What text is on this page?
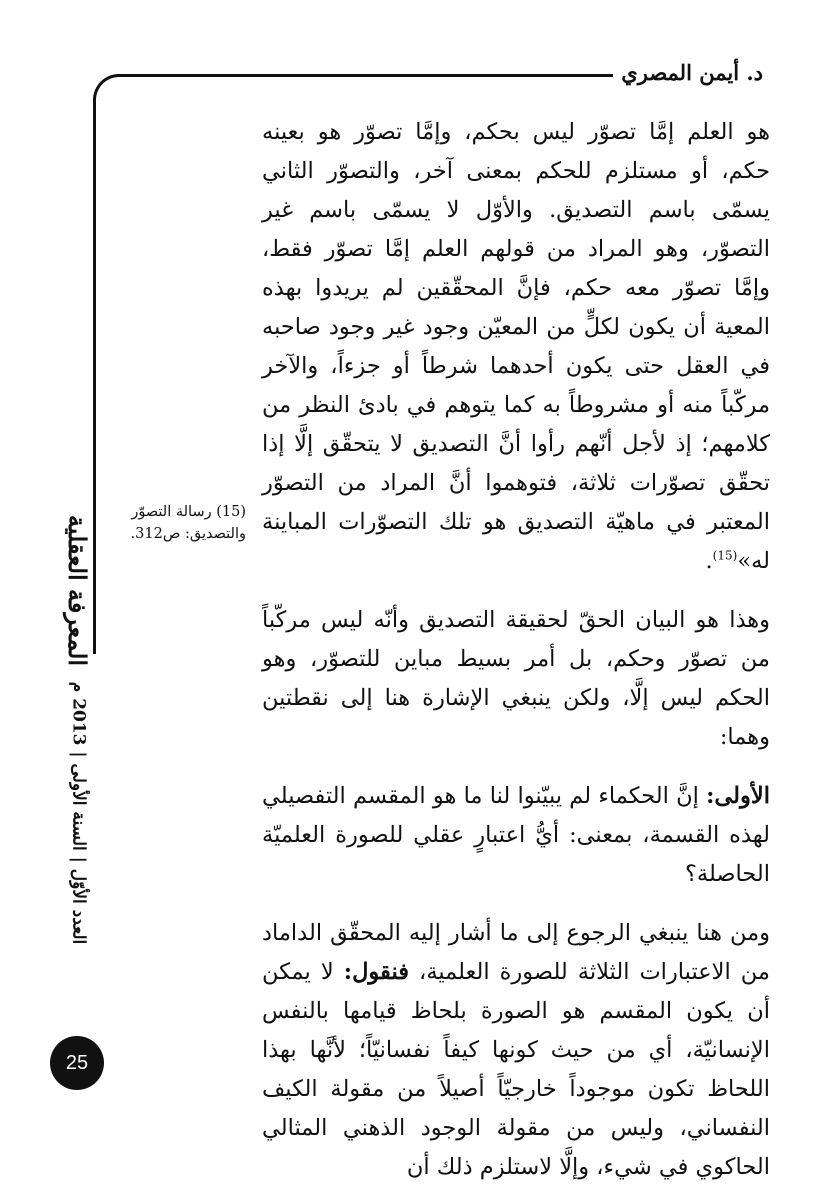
د. أيمن المصري

هو العلم إمَّا تصوّر ليس بحكم، وإمَّا تصوّر هو بعينه حكم، أو مستلزم للحكم بمعنى آخر، والتصوّر الثاني يسمّى باسم التصديق. والأوّل لا يسمّى باسم غير التصوّر، وهو المراد من قولهم العلم إمَّا تصوّر فقط، وإمَّا تصوّر معه حكم، فإنَّ المحقّقين لم يريدوا بهذه المعية أن يكون لكلٍّ من المعيّن وجود غير وجود صاحبه في العقل حتى يكون أحدهما شرطاً أو جزءاً، والآخر مركّباً منه أو مشروطاً به كما يتوهم في بادئ النظر من كلامهم؛ إذ لأجل أنّهم رأوا أنَّ التصديق لا يتحقّق إلَّا إذا تحقّق تصوّرات ثلاثة، فتوهموا أنَّ المراد من التصوّر المعتبر في ماهيّة التصديق هو تلك التصوّرات المباينة له»$^{(15)}$.

وهذا هو البيان الحقّ لحقيقة التصديق وأنّه ليس مركّباً من تصوّر وحكم، بل أمر بسيط مباين للتصوّر، وهو الحكم ليس إلَّا، ولكن ينبغي الإشارة هنا إلى نقطتين وهما:

الأولى: إنَّ الحكماء لم يبيّنوا لنا ما هو المقسم التفصيلي لهذه القسمة، بمعنى: أيُّ اعتبارٍ عقلي للصورة العلميّة الحاصلة؟

ومن هنا ينبغي الرجوع إلى ما أشار إليه المحقّق الداماد من الاعتبارات الثلاثة للصورة العلمية، فنقول: لا يمكن أن يكون المقسم هو الصورة بلحاظ قيامها بالنفس الإنسانيّة، أي من حيث كونها كيفاً نفسانيّاً؛ لأنَّها بهذا اللحاظ تكون موجوداً خارجيّاً أصيلاً من مقولة الكيف النفساني، وليس من مقولة الوجود الذهني المثالي الحاكوي في شيء، وإلَّا لاستلزم ذلك أن

(15) رسالة التصوّر والتصديق: ص312.
المعرفة العقلية
العدد الأوّل | السنة الأولى | 2013 م
25
